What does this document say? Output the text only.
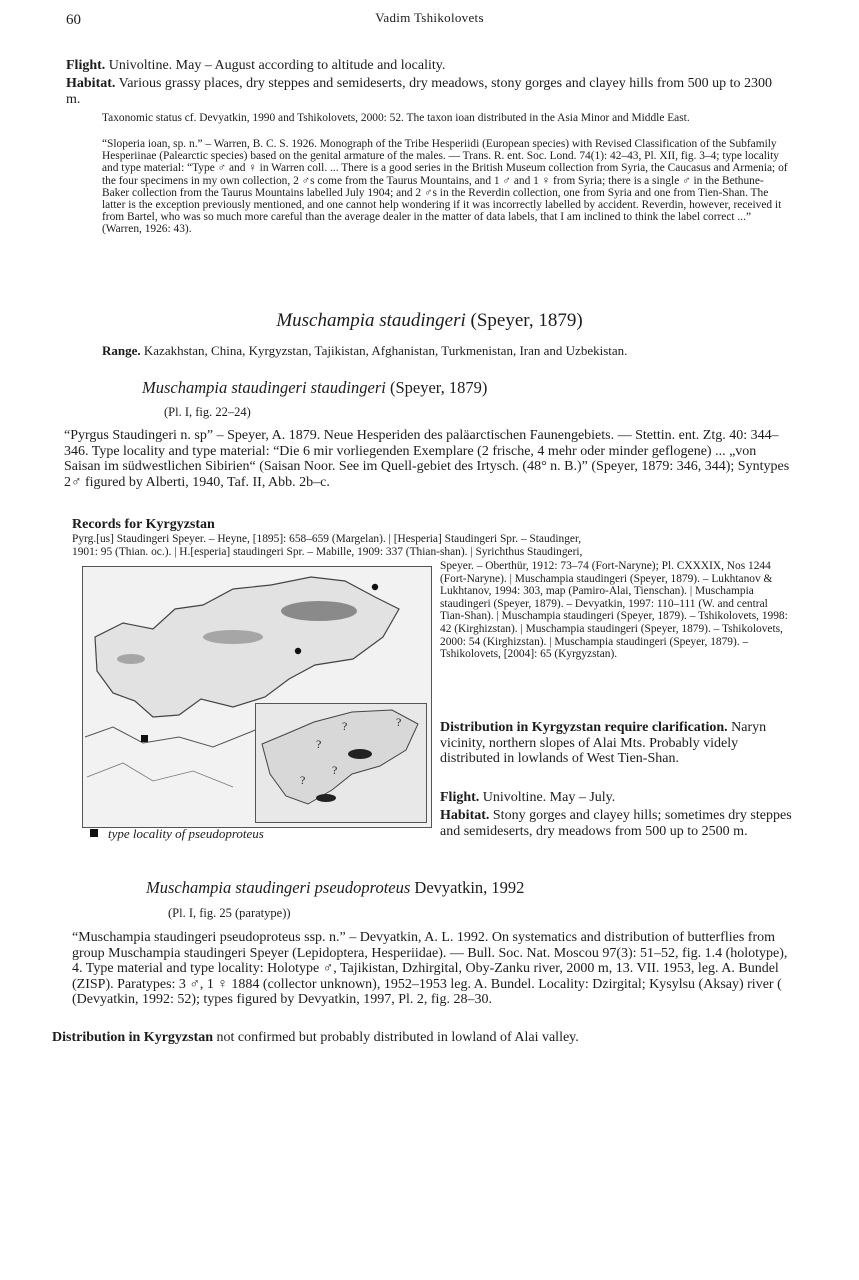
60	Vadim Tshikolovets

Flight. Univoltine. May – August according to altitude and locality.

Habitat. Various grassy places, dry steppes and semideserts, dry meadows, stony gorges and clayey hills from 500 up to 2300 m.

Taxonomic status cf. Devyatkin, 1990 and Tshikolovets, 2000: 52. The taxon ioan distributed in the Asia Minor and Middle East.

“Sloperia ioan, sp. n.” – Warren, B. C. S. 1926. Monograph of the Tribe Hesperiidi (European species) with Revised Classification of the Subfamily Hesperiinae (Palearctic species) based on the genital armature of the males. — Trans. R. ent. Soc. Lond. 74(1): 42–43, Pl. XII, fig. 3–4; type locality and type material: “Type ♂ and ♀ in Warren coll. ... There is a good series in the British Museum collection from Syria, the Caucasus and Armenia; of the four specimens in my own collection, 2 ♂s come from the Taurus Mountains, and 1 ♂ and 1 ♀ from Syria; there is a single ♂ in the Bethune-Baker collection from the Taurus Mountains labelled July 1904; and 2 ♂s in the Reverdin collection, one from Syria and one from Tien-Shan. The latter is the exception previously mentioned, and one cannot help wondering if it was incorrectly labelled by accident. Reverdin, however, received it from Bartel, who was so much more careful than the average dealer in the matter of data labels, that I am inclined to think the label correct ...” (Warren, 1926: 43).

Muschampia staudingeri (Speyer, 1879)

Range. Kazakhstan, China, Kyrgyzstan, Tajikistan, Afghanistan, Turkmenistan, Iran and Uzbekistan.

Muschampia staudingeri staudingeri (Speyer, 1879)
(Pl. I, fig. 22–24)

“Pyrgus Staudingeri n. sp” – Speyer, A. 1879. Neue Hesperiden des paläarctischen Faunengebiets. — Stettin. ent. Ztg. 40: 344–346. Type locality and type material: “Die 6 mir vorliegenden Exemplare (2 frische, 4 mehr oder minder geflogene) ... „von Saisan im südwestlichen Sibirien“ (Saisan Noor. See im Quell-gebiet des Irtysch. (48° n. B.)” (Speyer, 1879: 346, 344); Syntypes 2♂ figured by Alberti, 1940, Taf. II, Abb. 2b–c.

Records for Kyrgyzstan

Pyrg.[us] Staudingeri Speyer. – Heyne, [1895]: 658–659 (Margelan). | [Hesperia] Staudingeri Spr. – Staudinger,

1901: 95 (Thian. oc.). | H.[esperia] staudingeri Spr. – Mabille, 1909: 337 (Thian-shan). | Syrichthus Staudingeri,

Speyer. – Oberthür, 1912: 73–74 (Fort-Naryne); Pl. CXXXIX, Nos 1244 (Fort-Naryne). | Muschampia staudingeri (Speyer, 1879). – Lukhtanov & Lukhtanov, 1994: 303, map (Pamiro-Alai, Tienschan). | Muschampia staudingeri (Speyer, 1879). – Devyatkin, 1997: 110–111 (W. and central Tian-Shan). | Muschampia staudingeri (Speyer, 1879). – Tshikolovets, 1998: 42 (Kirghizstan). | Muschampia staudingeri (Speyer, 1879). – Tshikolovets, 2000: 54 (Kirghizstan). | Muschampia staudingeri (Speyer, 1879). – Tshikolovets, [2004]: 65 (Kyrgyzstan).

?	?
?
?
?
type locality of pseudoproteus

Distribution in Kyrgyzstan require clarification. Naryn vicinity, northern slopes of Alai Mts. Probably videly distributed in lowlands of West Tien-Shan.

Flight. Univoltine. May – July.

Habitat. Stony gorges and clayey hills; sometimes dry steppes and semideserts, dry meadows from 500 up to 2500 m.

Muschampia staudingeri pseudoproteus Devyatkin, 1992
(Pl. I, fig. 25 (paratype))

“Muschampia staudingeri pseudoproteus ssp. n.” – Devyatkin, A. L. 1992. On systematics and distribution of butterflies from group Muschampia staudingeri Speyer (Lepidoptera, Hesperiidae). — Bull. Soc. Nat. Moscou 97(3): 51–52, fig. 1.4 (holotype), 4. Type material and type locality: Holotype ♂, Tajikistan, Dzhirgital, Oby-Zanku river, 2000 m, 13. VII. 1953, leg. A. Bundel (ZISP). Paratypes: 3 ♂, 1 ♀ 1884 (collector unknown), 1952–1953 leg. A. Bundel. Locality: Dzirgital; Kysylsu (Aksay) river ( (Devyatkin, 1992: 52); types figured by Devyatkin, 1997, Pl. 2, fig. 28–30.

Distribution in Kyrgyzstan not confirmed but probably distributed in lowland of Alai valley.
